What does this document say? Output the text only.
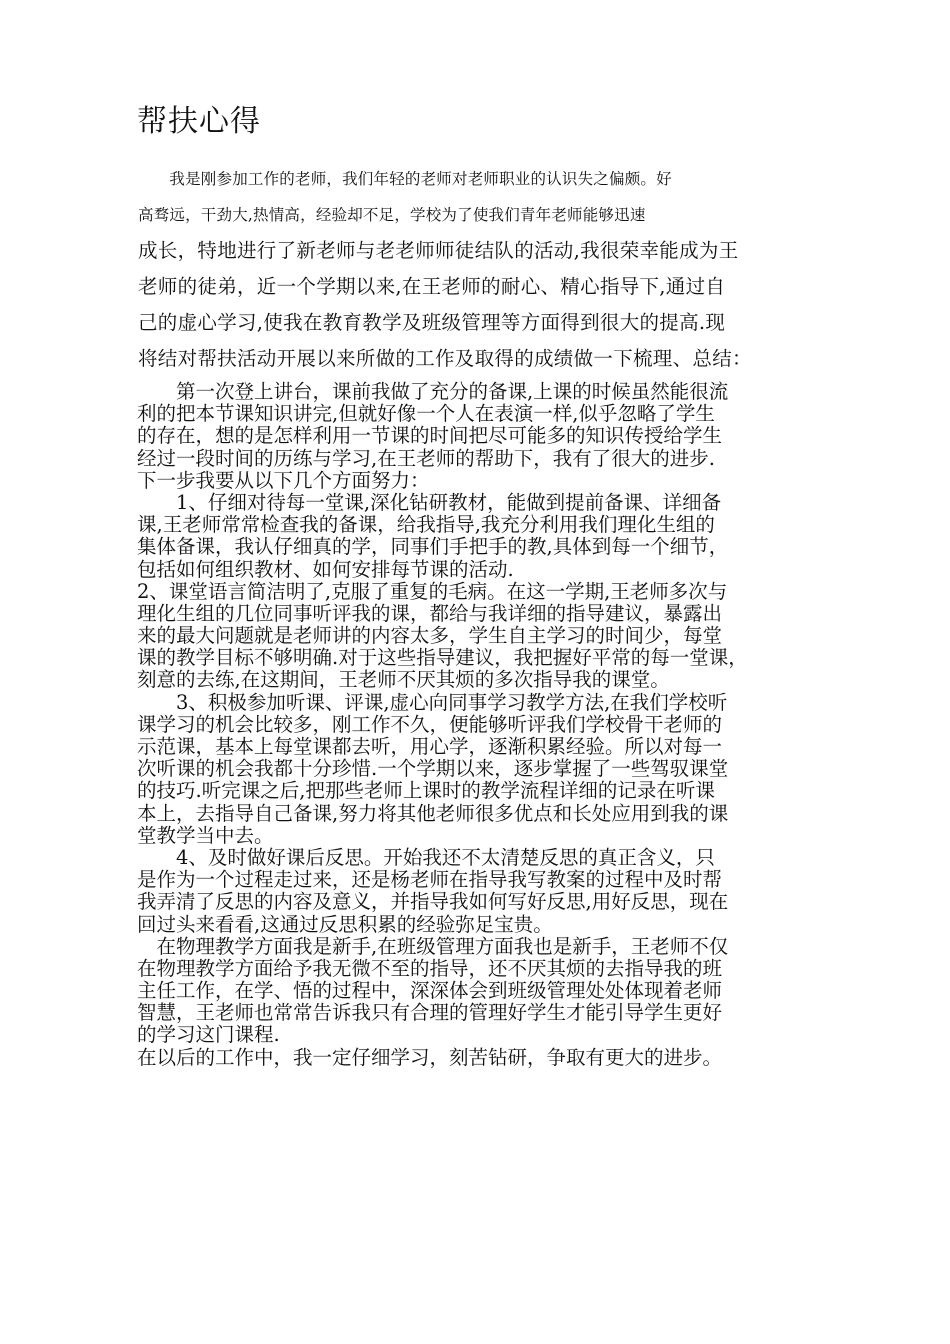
帮扶心得
　　我是刚参加工作的老师，我们年轻的老师对老师职业的认识失之偏颇。好
高骛远，干劲大,热情高，经验却不足，学校为了使我们青年老师能够迅速
成长，特地进行了新老师与老老师师徒结队的活动,我很荣幸能成为王
老师的徒弟，近一个学期以来,在王老师的耐心、精心指导下,通过自
己的虚心学习,使我在教育教学及班级管理等方面得到很大的提高.现
将结对帮扶活动开展以来所做的工作及取得的成绩做一下梳理、总结：
　　第一次登上讲台，课前我做了充分的备课,上课的时候虽然能很流
利的把本节课知识讲完,但就好像一个人在表演一样,似乎忽略了学生
的存在，想的是怎样利用一节课的时间把尽可能多的知识传授给学生
经过一段时间的历练与学习,在王老师的帮助下，我有了很大的进步.
下一步我要从以下几个方面努力：
　　1、仔细对待每一堂课,深化钻研教材，能做到提前备课、详细备
课,王老师常常检查我的备课，给我指导,我充分利用我们理化生组的
集体备课，我认仔细真的学，同事们手把手的教,具体到每一个细节，
包括如何组织教材、如何安排每节课的活动.
2、课堂语言简洁明了,克服了重复的毛病。在这一学期,王老师多次与
理化生组的几位同事听评我的课，都给与我详细的指导建议，暴露出
来的最大问题就是老师讲的内容太多，学生自主学习的时间少，每堂
课的教学目标不够明确.对于这些指导建议，我把握好平常的每一堂课，
刻意的去练,在这期间，王老师不厌其烦的多次指导我的课堂。
　　3、积极参加听课、评课,虚心向同事学习教学方法,在我们学校听
课学习的机会比较多，刚工作不久，便能够听评我们学校骨干老师的
示范课，基本上每堂课都去听，用心学，逐渐积累经验。所以对每一
次听课的机会我都十分珍惜.一个学期以来，逐步掌握了一些驾驭课堂
的技巧.听完课之后,把那些老师上课时的教学流程详细的记录在听课
本上，去指导自己备课,努力将其他老师很多优点和长处应用到我的课
堂教学当中去。
　　4、及时做好课后反思。开始我还不太清楚反思的真正含义，只
是作为一个过程走过来，还是杨老师在指导我写教案的过程中及时帮
我弄清了反思的内容及意义，并指导我如何写好反思,用好反思，现在
回过头来看看,这通过反思积累的经验弥足宝贵。
　在物理教学方面我是新手,在班级管理方面我也是新手，王老师不仅
在物理教学方面给予我无微不至的指导，还不厌其烦的去指导我的班
主任工作，在学、悟的过程中，深深体会到班级管理处处体现着老师
智慧，王老师也常常告诉我只有合理的管理好学生才能引导学生更好
的学习这门课程.
在以后的工作中，我一定仔细学习，刻苦钻研，争取有更大的进步。
